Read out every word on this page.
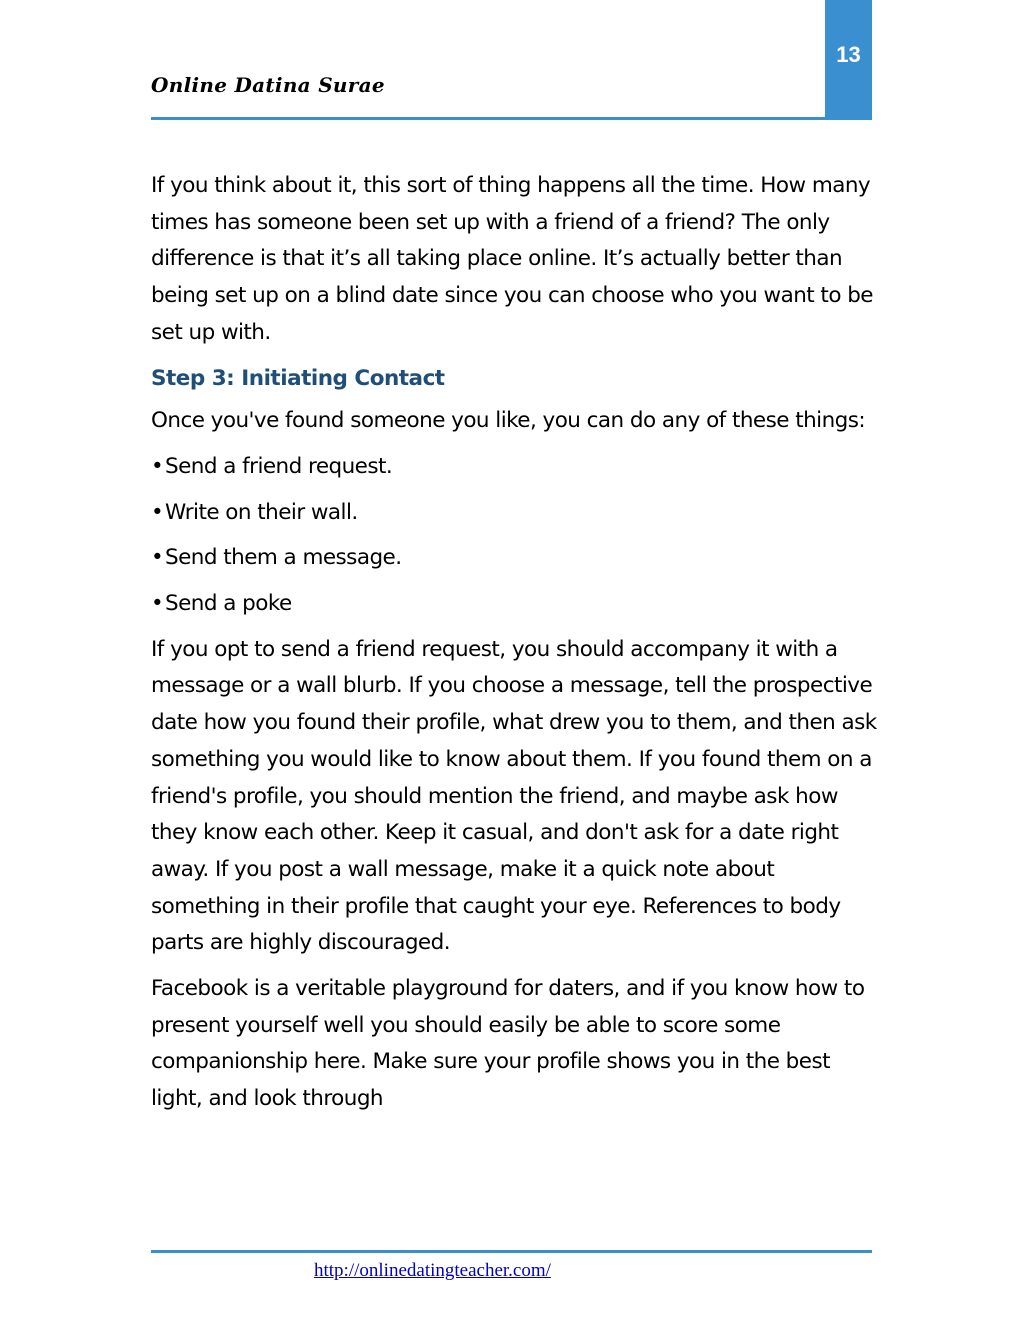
Online Datina Surae
13

If you think about it, this sort of thing happens all the time. How many times has someone been set up with a friend of a friend? The only difference is that it’s all taking place online. It’s actually better than being set up on a blind date since you can choose who you want to be set up with.

Step 3: Initiating Contact

Once you've found someone you like, you can do any of these things:

•Send a friend request.

•Write on their wall.

•Send them a message.

•Send a poke

If you opt to send a friend request, you should accompany it with a message or a wall blurb. If you choose a message, tell the prospective date how you found their profile, what drew you to them, and then ask something you would like to know about them. If you found them on a friend's profile, you should mention the friend, and maybe ask how they know each other. Keep it casual, and don't ask for a date right away. If you post a wall message, make it a quick note about something in their profile that caught your eye. References to body parts are highly discouraged.

Facebook is a veritable playground for daters, and if you know how to present yourself well you should easily be able to score some companionship here. Make sure your profile shows you in the best light, and look through

http://onlinedatingteacher.com/
